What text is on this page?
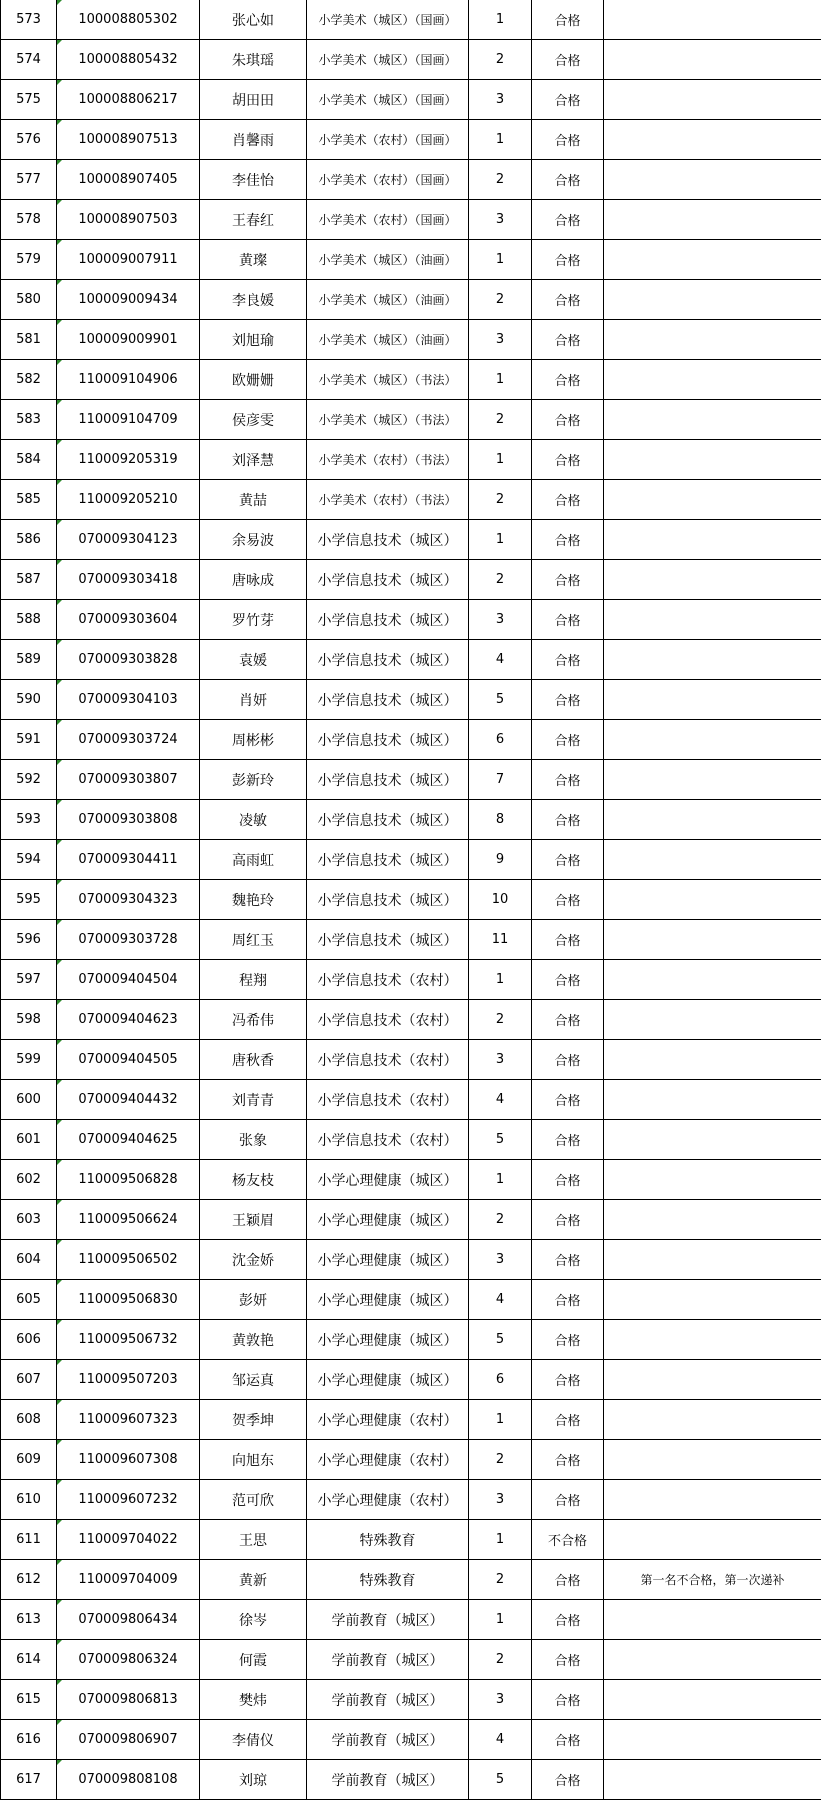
573	100008805302	张心如	小学美术（城区）（国画）	1	合格	
574	100008805432	朱琪瑶	小学美术（城区）（国画）	2	合格	
575	100008806217	胡田田	小学美术（城区）（国画）	3	合格	
576	100008907513	肖馨雨	小学美术（农村）（国画）	1	合格	
577	100008907405	李佳怡	小学美术（农村）（国画）	2	合格	
578	100008907503	王春红	小学美术（农村）（国画）	3	合格	
579	100009007911	黄璨	小学美术（城区）（油画）	1	合格	
580	100009009434	李良媛	小学美术（城区）（油画）	2	合格	
581	100009009901	刘旭瑜	小学美术（城区）（油画）	3	合格	
582	110009104906	欧姗姗	小学美术（城区）（书法）	1	合格	
583	110009104709	侯彦雯	小学美术（城区）（书法）	2	合格	
584	110009205319	刘泽慧	小学美术（农村）（书法）	1	合格	
585	110009205210	黄喆	小学美术（农村）（书法）	2	合格	
586	070009304123	余易波	小学信息技术（城区）	1	合格	
587	070009303418	唐咏成	小学信息技术（城区）	2	合格	
588	070009303604	罗竹芽	小学信息技术（城区）	3	合格	
589	070009303828	袁媛	小学信息技术（城区）	4	合格	
590	070009304103	肖妍	小学信息技术（城区）	5	合格	
591	070009303724	周彬彬	小学信息技术（城区）	6	合格	
592	070009303807	彭新玲	小学信息技术（城区）	7	合格	
593	070009303808	凌敏	小学信息技术（城区）	8	合格	
594	070009304411	高雨虹	小学信息技术（城区）	9	合格	
595	070009304323	魏艳玲	小学信息技术（城区）	10	合格	
596	070009303728	周红玉	小学信息技术（城区）	11	合格	
597	070009404504	程翔	小学信息技术（农村）	1	合格	
598	070009404623	冯希伟	小学信息技术（农村）	2	合格	
599	070009404505	唐秋香	小学信息技术（农村）	3	合格	
600	070009404432	刘青青	小学信息技术（农村）	4	合格	
601	070009404625	张象	小学信息技术（农村）	5	合格	
602	110009506828	杨友枝	小学心理健康（城区）	1	合格	
603	110009506624	王颖眉	小学心理健康（城区）	2	合格	
604	110009506502	沈金娇	小学心理健康（城区）	3	合格	
605	110009506830	彭妍	小学心理健康（城区）	4	合格	
606	110009506732	黄敦艳	小学心理健康（城区）	5	合格	
607	110009507203	邹运真	小学心理健康（城区）	6	合格	
608	110009607323	贺季坤	小学心理健康（农村）	1	合格	
609	110009607308	向旭东	小学心理健康（农村）	2	合格	
610	110009607232	范可欣	小学心理健康（农村）	3	合格	
611	110009704022	王思	特殊教育	1	不合格	
612	110009704009	黄新	特殊教育	2	合格	第一名不合格，第一次递补
613	070009806434	徐岑	学前教育（城区）	1	合格	
614	070009806324	何霞	学前教育（城区）	2	合格	
615	070009806813	樊炜	学前教育（城区）	3	合格	
616	070009806907	李倩仪	学前教育（城区）	4	合格	
617	070009808108	刘琼	学前教育（城区）	5	合格	
